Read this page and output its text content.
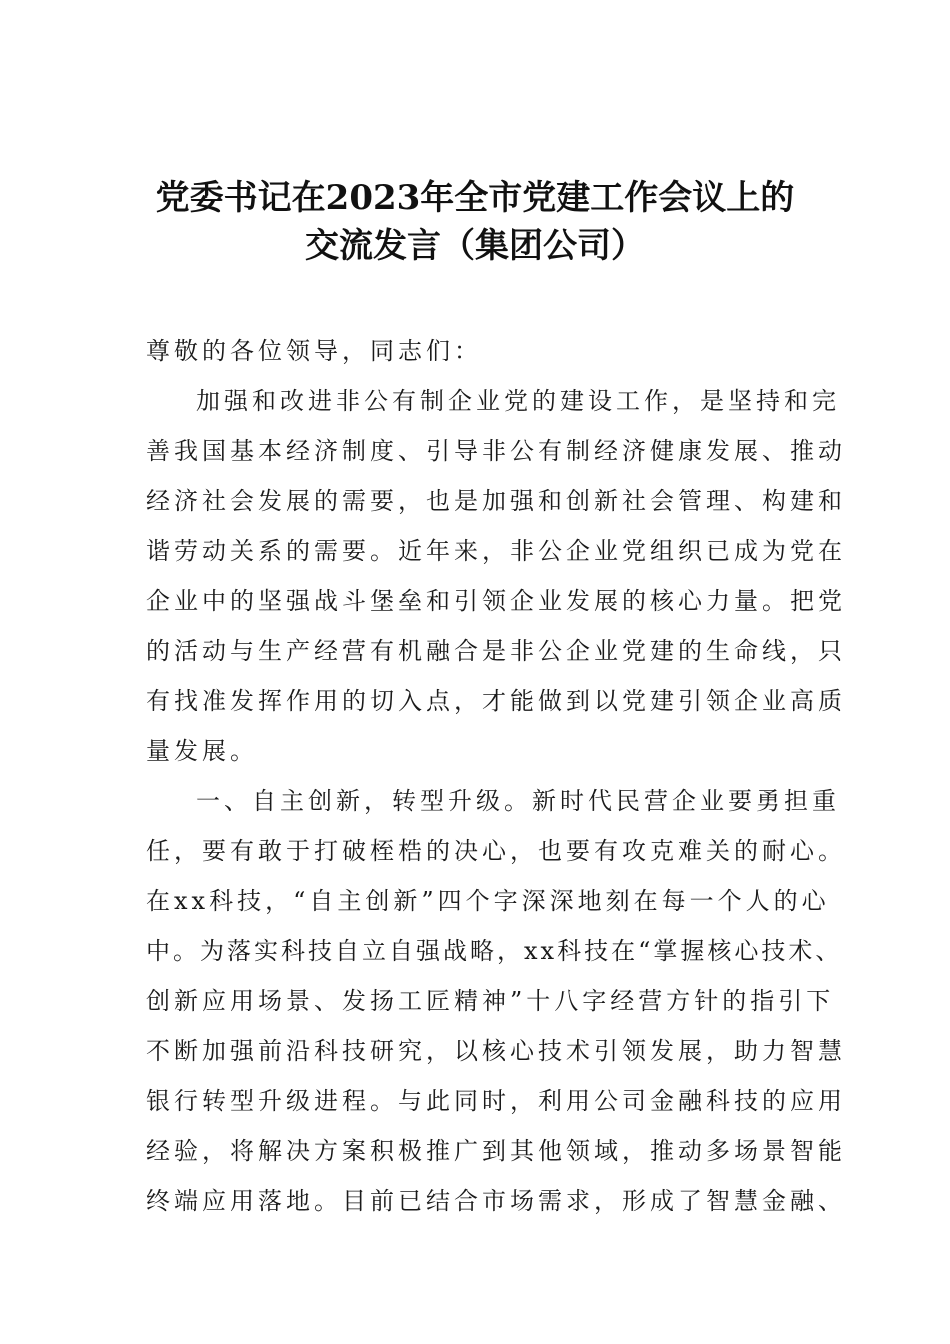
党委书记在2023年全市党建工作会议上的
交流发言（集团公司）

尊敬的各位领导，同志们：

加强和改进非公有制企业党的建设工作，是坚持和完

善我国基本经济制度、引导非公有制经济健康发展、推动

经济社会发展的需要，也是加强和创新社会管理、构建和

谐劳动关系的需要。近年来，非公企业党组织已成为党在

企业中的坚强战斗堡垒和引领企业发展的核心力量。把党

的活动与生产经营有机融合是非公企业党建的生命线，只

有找准发挥作用的切入点，才能做到以党建引领企业高质

量发展。

一、自主创新，转型升级。新时代民营企业要勇担重

任，要有敢于打破桎梏的决心，也要有攻克难关的耐心。

在xx科技，“自主创新”四个字深深地刻在每一个人的心

中。为落实科技自立自强战略，xx科技在“掌握核心技术、

创新应用场景、发扬工匠精神”十八字经营方针的指引下

不断加强前沿科技研究，以核心技术引领发展，助力智慧

银行转型升级进程。与此同时，利用公司金融科技的应用

经验，将解决方案积极推广到其他领域，推动多场景智能

终端应用落地。目前已结合市场需求，形成了智慧金融、
